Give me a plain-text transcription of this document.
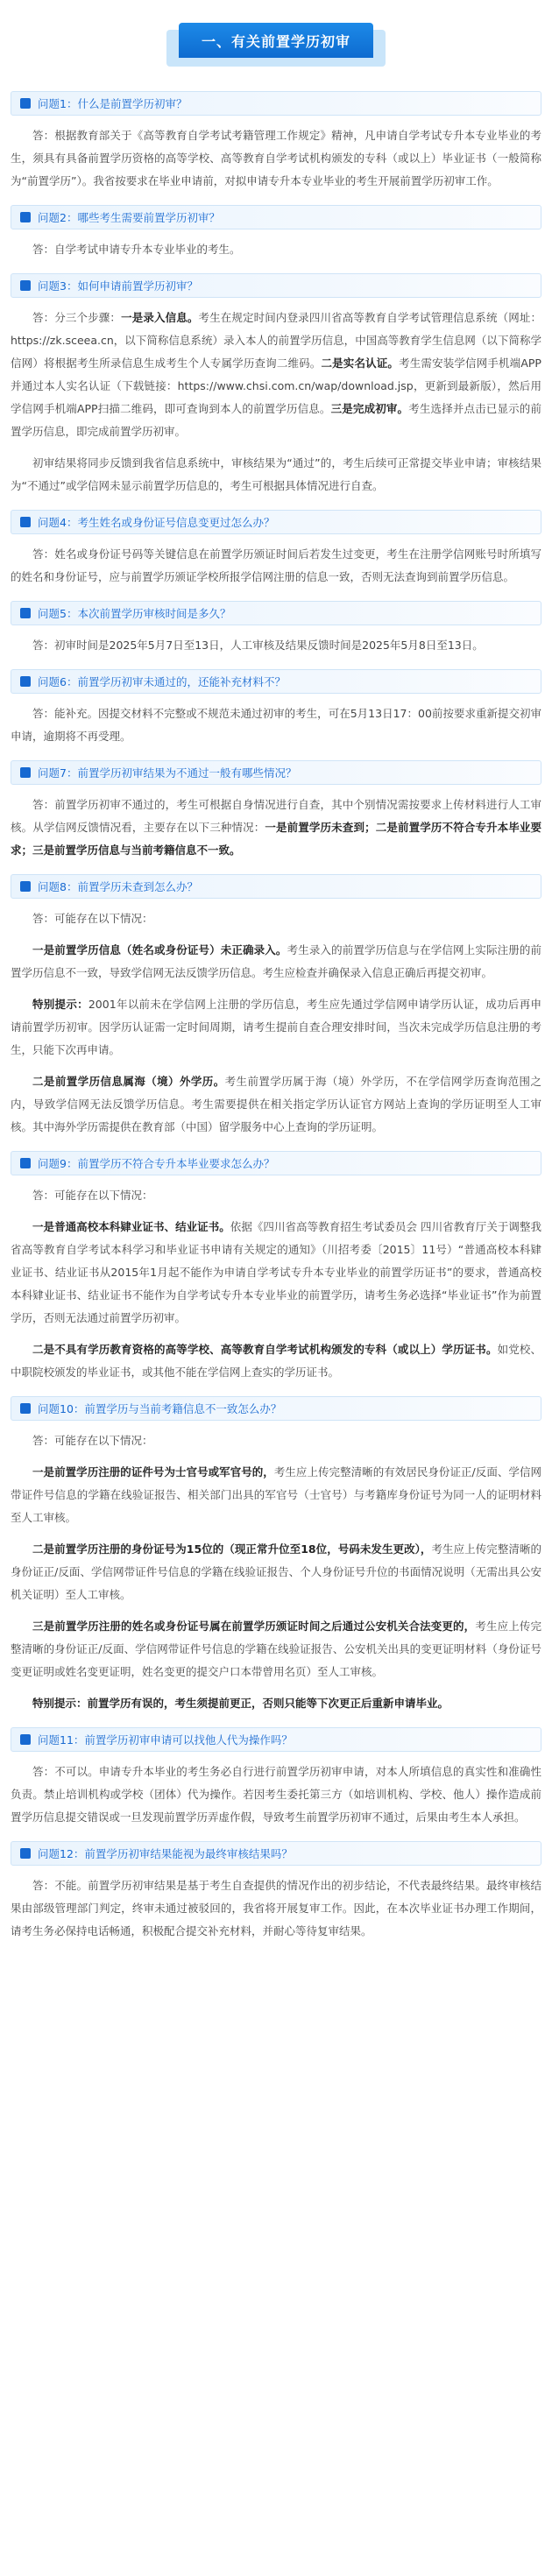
一、有关前置学历初审
问题1：什么是前置学历初审？

答：根据教育部关于《高等教育自学考试考籍管理工作规定》精神，凡申请自学考试专升本专业毕业的考生，须具有具备前置学历资格的高等学校、高等教育自学考试机构颁发的专科（或以上）毕业证书（一般简称为“前置学历”）。我省按要求在毕业申请前，对拟申请专升本专业毕业的考生开展前置学历初审工作。

问题2：哪些考生需要前置学历初审？

答：自学考试申请专升本专业毕业的考生。

问题3：如何申请前置学历初审？

答：分三个步骤：一是录入信息。考生在规定时间内登录四川省高等教育自学考试管理信息系统（网址：https://zk.sceea.cn，以下简称信息系统）录入本人的前置学历信息，中国高等教育学生信息网（以下简称学信网）将根据考生所录信息生成考生个人专属学历查询二维码。二是实名认证。考生需安装学信网手机端APP并通过本人实名认证（下载链接：https://www.chsi.com.cn/wap/download.jsp，更新到最新版），然后用学信网手机端APP扫描二维码，即可查询到本人的前置学历信息。三是完成初审。考生选择并点击已显示的前置学历信息，即完成前置学历初审。

初审结果将同步反馈到我省信息系统中，审核结果为“通过”的，考生后续可正常提交毕业申请；审核结果为“不通过”或学信网未显示前置学历信息的，考生可根据具体情况进行自查。

问题4：考生姓名或身份证号信息变更过怎么办？

答：姓名或身份证号码等关键信息在前置学历颁证时间后若发生过变更，考生在注册学信网账号时所填写的姓名和身份证号，应与前置学历颁证学校所报学信网注册的信息一致，否则无法查询到前置学历信息。

问题5：本次前置学历审核时间是多久？

答：初审时间是2025年5月7日至13日，人工审核及结果反馈时间是2025年5月8日至13日。

问题6：前置学历初审未通过的，还能补充材料不？

答：能补充。因提交材料不完整或不规范未通过初审的考生，可在5月13日17：00前按要求重新提交初审申请，逾期将不再受理。

问题7：前置学历初审结果为不通过一般有哪些情况？

答：前置学历初审不通过的，考生可根据自身情况进行自查，其中个别情况需按要求上传材料进行人工审核。从学信网反馈情况看，主要存在以下三种情况：一是前置学历未查到；二是前置学历不符合专升本毕业要求；三是前置学历信息与当前考籍信息不一致。

问题8：前置学历未查到怎么办？

答：可能存在以下情况：

一是前置学历信息（姓名或身份证号）未正确录入。考生录入的前置学历信息与在学信网上实际注册的前置学历信息不一致，导致学信网无法反馈学历信息。考生应检查并确保录入信息正确后再提交初审。

特别提示：2001年以前未在学信网上注册的学历信息，考生应先通过学信网申请学历认证，成功后再申请前置学历初审。因学历认证需一定时间周期，请考生提前自查合理安排时间，当次未完成学历信息注册的考生，只能下次再申请。

二是前置学历信息属海（境）外学历。考生前置学历属于海（境）外学历，不在学信网学历查询范围之内，导致学信网无法反馈学历信息。考生需要提供在相关指定学历认证官方网站上查询的学历证明至人工审核。其中海外学历需提供在教育部（中国）留学服务中心上查询的学历证明。

问题9：前置学历不符合专升本毕业要求怎么办？

答：可能存在以下情况：

一是普通高校本科肄业证书、结业证书。依据《四川省高等教育招生考试委员会 四川省教育厅关于调整我省高等教育自学考试本科学习和毕业证书申请有关规定的通知》（川招考委〔2015〕11号）“普通高校本科肄业证书、结业证书从2015年1月起不能作为申请自学考试专升本专业毕业的前置学历证书”的要求，普通高校本科肄业证书、结业证书不能作为自学考试专升本专业毕业的前置学历，请考生务必选择“毕业证书”作为前置学历，否则无法通过前置学历初审。

二是不具有学历教育资格的高等学校、高等教育自学考试机构颁发的专科（或以上）学历证书。如党校、中职院校颁发的毕业证书，或其他不能在学信网上查实的学历证书。

问题10：前置学历与当前考籍信息不一致怎么办？

答：可能存在以下情况：

一是前置学历注册的证件号为士官号或军官号的，考生应上传完整清晰的有效居民身份证正/反面、学信网带证件号信息的学籍在线验证报告、相关部门出具的军官号（士官号）与考籍库身份证号为同一人的证明材料至人工审核。

二是前置学历注册的身份证号为15位的（现正常升位至18位，号码未发生更改），考生应上传完整清晰的身份证正/反面、学信网带证件号信息的学籍在线验证报告、个人身份证号升位的书面情况说明（无需出具公安机关证明）至人工审核。

三是前置学历注册的姓名或身份证号属在前置学历颁证时间之后通过公安机关合法变更的，考生应上传完整清晰的身份证正/反面、学信网带证件号信息的学籍在线验证报告、公安机关出具的变更证明材料（身份证号变更证明或姓名变更证明，姓名变更的提交户口本带曾用名页）至人工审核。

特别提示：前置学历有误的，考生须提前更正，否则只能等下次更正后重新申请毕业。

问题11：前置学历初审申请可以找他人代为操作吗？

答：不可以。申请专升本毕业的考生务必自行进行前置学历初审申请，对本人所填信息的真实性和准确性负责。禁止培训机构或学校（团体）代为操作。若因考生委托第三方（如培训机构、学校、他人）操作造成前置学历信息提交错误或一旦发现前置学历弄虚作假，导致考生前置学历初审不通过，后果由考生本人承担。

问题12：前置学历初审结果能视为最终审核结果吗？

答：不能。前置学历初审结果是基于考生自查提供的情况作出的初步结论，不代表最终结果。最终审核结果由部级管理部门判定，终审未通过被驳回的，我省将开展复审工作。因此，在本次毕业证书办理工作期间，请考生务必保持电话畅通，积极配合提交补充材料，并耐心等待复审结果。
